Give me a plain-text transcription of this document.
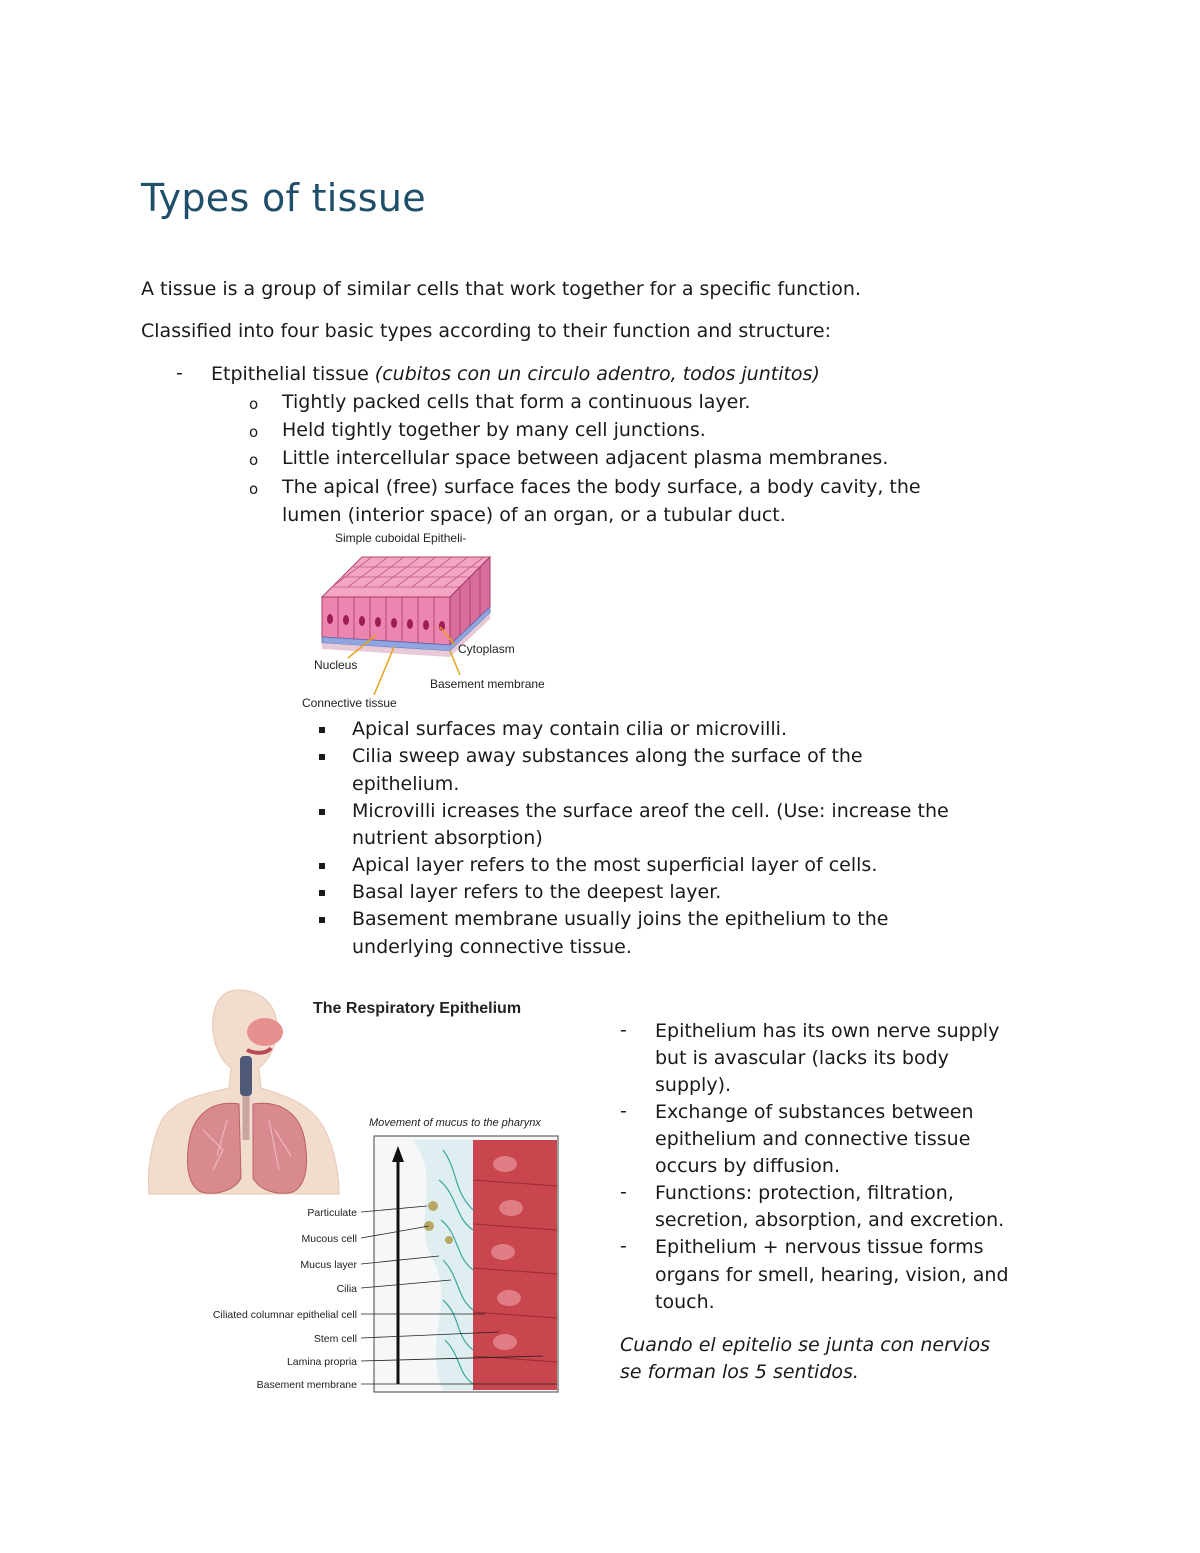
Types of tissue

A tissue is a group of similar cells that work together for a specific function.

Classified into four basic types according to their function and structure:

- Etpithelial tissue (cubitos con un circulo adentro, todos juntitos)

o Tightly packed cells that form a continuous layer.

o Held tightly together by many cell junctions.

o Little intercellular space between adjacent plasma membranes.

o The apical (free) surface faces the body surface, a body cavity, the

lumen (interior space) of an organ, or a tubular duct.

Simple cuboidal Epitheli-
Nucleus
Cytoplasm
Basement membrane
Connective tissue

Apical surfaces may contain cilia or microvilli.

Cilia sweep away substances along the surface of the

epithelium.

Microvilli icreases the surface areof the cell. (Use: increase the

nutrient absorption)

Apical layer refers to the most superficial layer of cells.

Basal layer refers to the deepest layer.

Basement membrane usually joins the epithelium to the

underlying connective tissue.

The Respiratory Epithelium
Movement of mucus to the pharynx
Particulate
Mucous cell
Mucus layer
Cilia
Ciliated columnar epithelial cell
Stem cell
Lamina propria
Basement membrane
- Epithelium has its own nerve supply

but is avascular (lacks its body

supply).

- Exchange of substances between

epithelium and connective tissue

occurs by diffusion.

- Functions: protection, filtration,

secretion, absorption, and excretion.

- Epithelium + nervous tissue forms

organs for smell, hearing, vision, and

touch.

Cuando el epitelio se junta con nervios

se forman los 5 sentidos.
